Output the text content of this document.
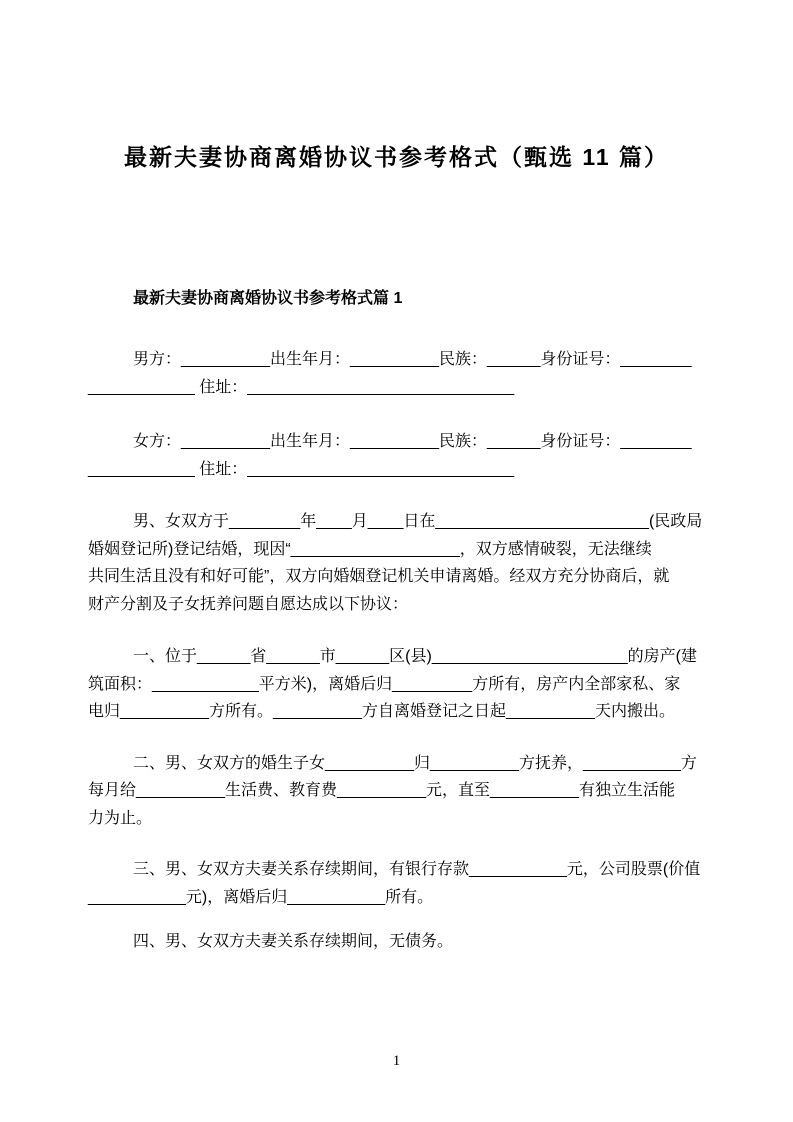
最新夫妻协商离婚协议书参考格式（甄选 11 篇）
最新夫妻协商离婚协议书参考格式篇 1
男方：__________出生年月：__________民族：______身份证号：________
____________ 住址：______________________________
女方：__________出生年月：__________民族：______身份证号：________
____________ 住址：______________________________
男、女双方于________年____月____日在________________________(民政局
婚姻登记所)登记结婚，现因“___________________，双方感情破裂，无法继续
共同生活且没有和好可能”，双方向婚姻登记机关申请离婚。经双方充分协商后，就
财产分割及子女抚养问题自愿达成以下协议：
一、位于______省______市______区(县)______________________的房产(建
筑面积：____________平方米)，离婚后归_________方所有，房产内全部家私、家
电归__________方所有。__________方自离婚登记之日起__________天内搬出。
二、男、女双方的婚生子女__________归__________方抚养，___________方
每月给__________生活费、教育费__________元，直至__________有独立生活能
力为止。
三、男、女双方夫妻关系存续期间，有银行存款___________元，公司股票(价值
___________元)，离婚后归___________所有。
四、男、女双方夫妻关系存续期间，无债务。
1
